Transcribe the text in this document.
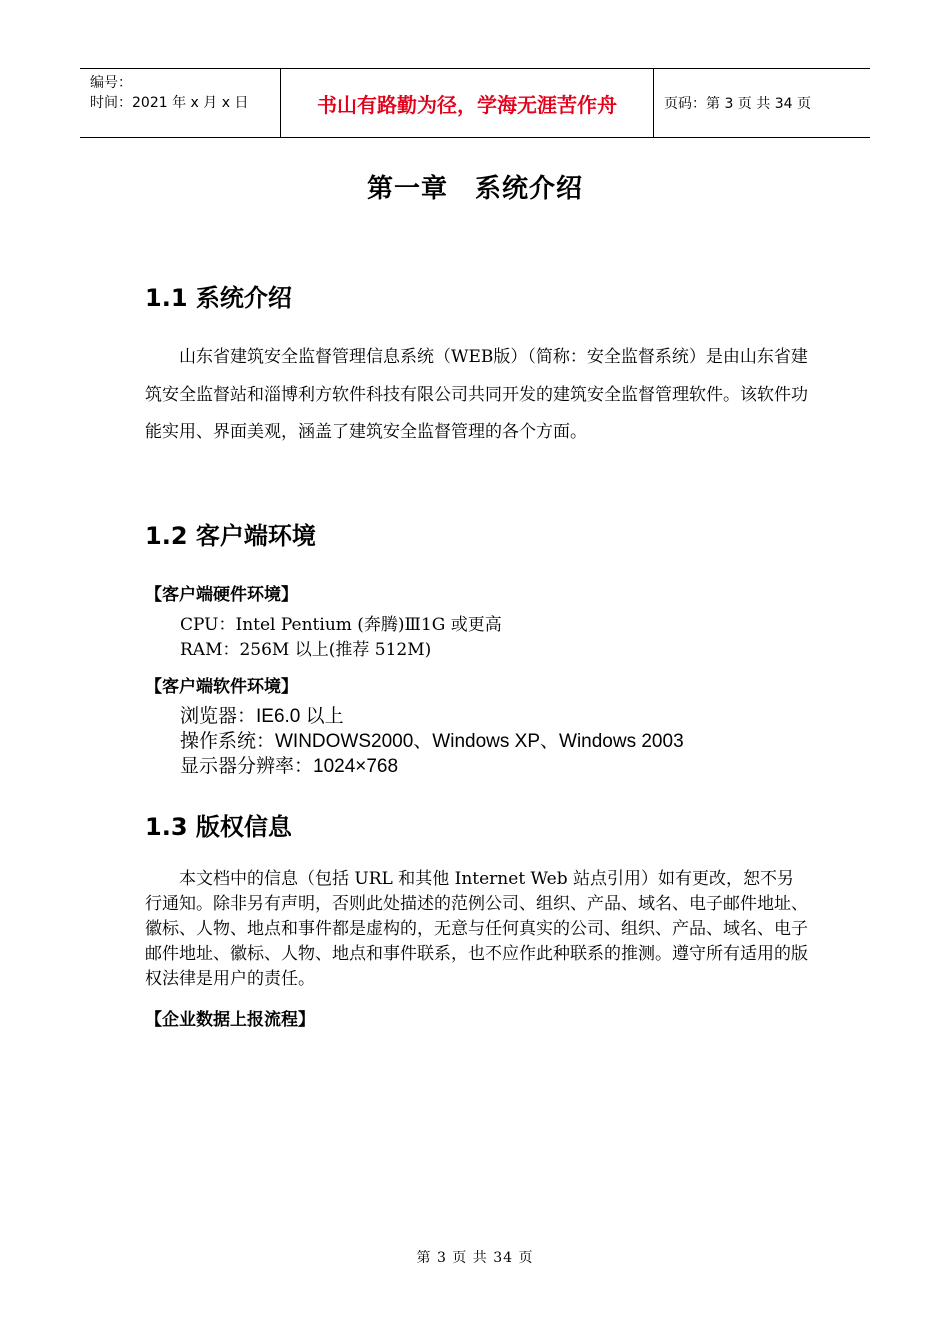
编号：
时间：2021 年 x 月 x 日	书山有路勤为径，学海无涯苦作舟	页码：第 3 页 共 34 页
第一章　系统介绍
1.1 系统介绍

山东省建筑安全监督管理信息系统（WEB版）（简称：安全监督系统）是由山东省建筑安全监督站和淄博利方软件科技有限公司共同开发的建筑安全监督管理软件。该软件功能实用、界面美观，涵盖了建筑安全监督管理的各个方面。

1.2 客户端环境
【客户端硬件环境】
CPU：Intel Pentium (奔腾)Ⅲ1G 或更高
RAM：256M 以上(推荐 512M)
【客户端软件环境】
浏览器：IE6.0 以上
操作系统：WINDOWS2000、Windows XP、Windows 2003
显示器分辨率：1024×768
1.3 版权信息

本文档中的信息（包括 URL 和其他 Internet Web 站点引用）如有更改，恕不另行通知。除非另有声明，否则此处描述的范例公司、组织、产品、域名、电子邮件地址、徽标、人物、地点和事件都是虚构的，无意与任何真实的公司、组织、产品、域名、电子邮件地址、徽标、人物、地点和事件联系，也不应作此种联系的推测。遵守所有适用的版权法律是用户的责任。

【企业数据上报流程】
第 3 页 共 34 页
